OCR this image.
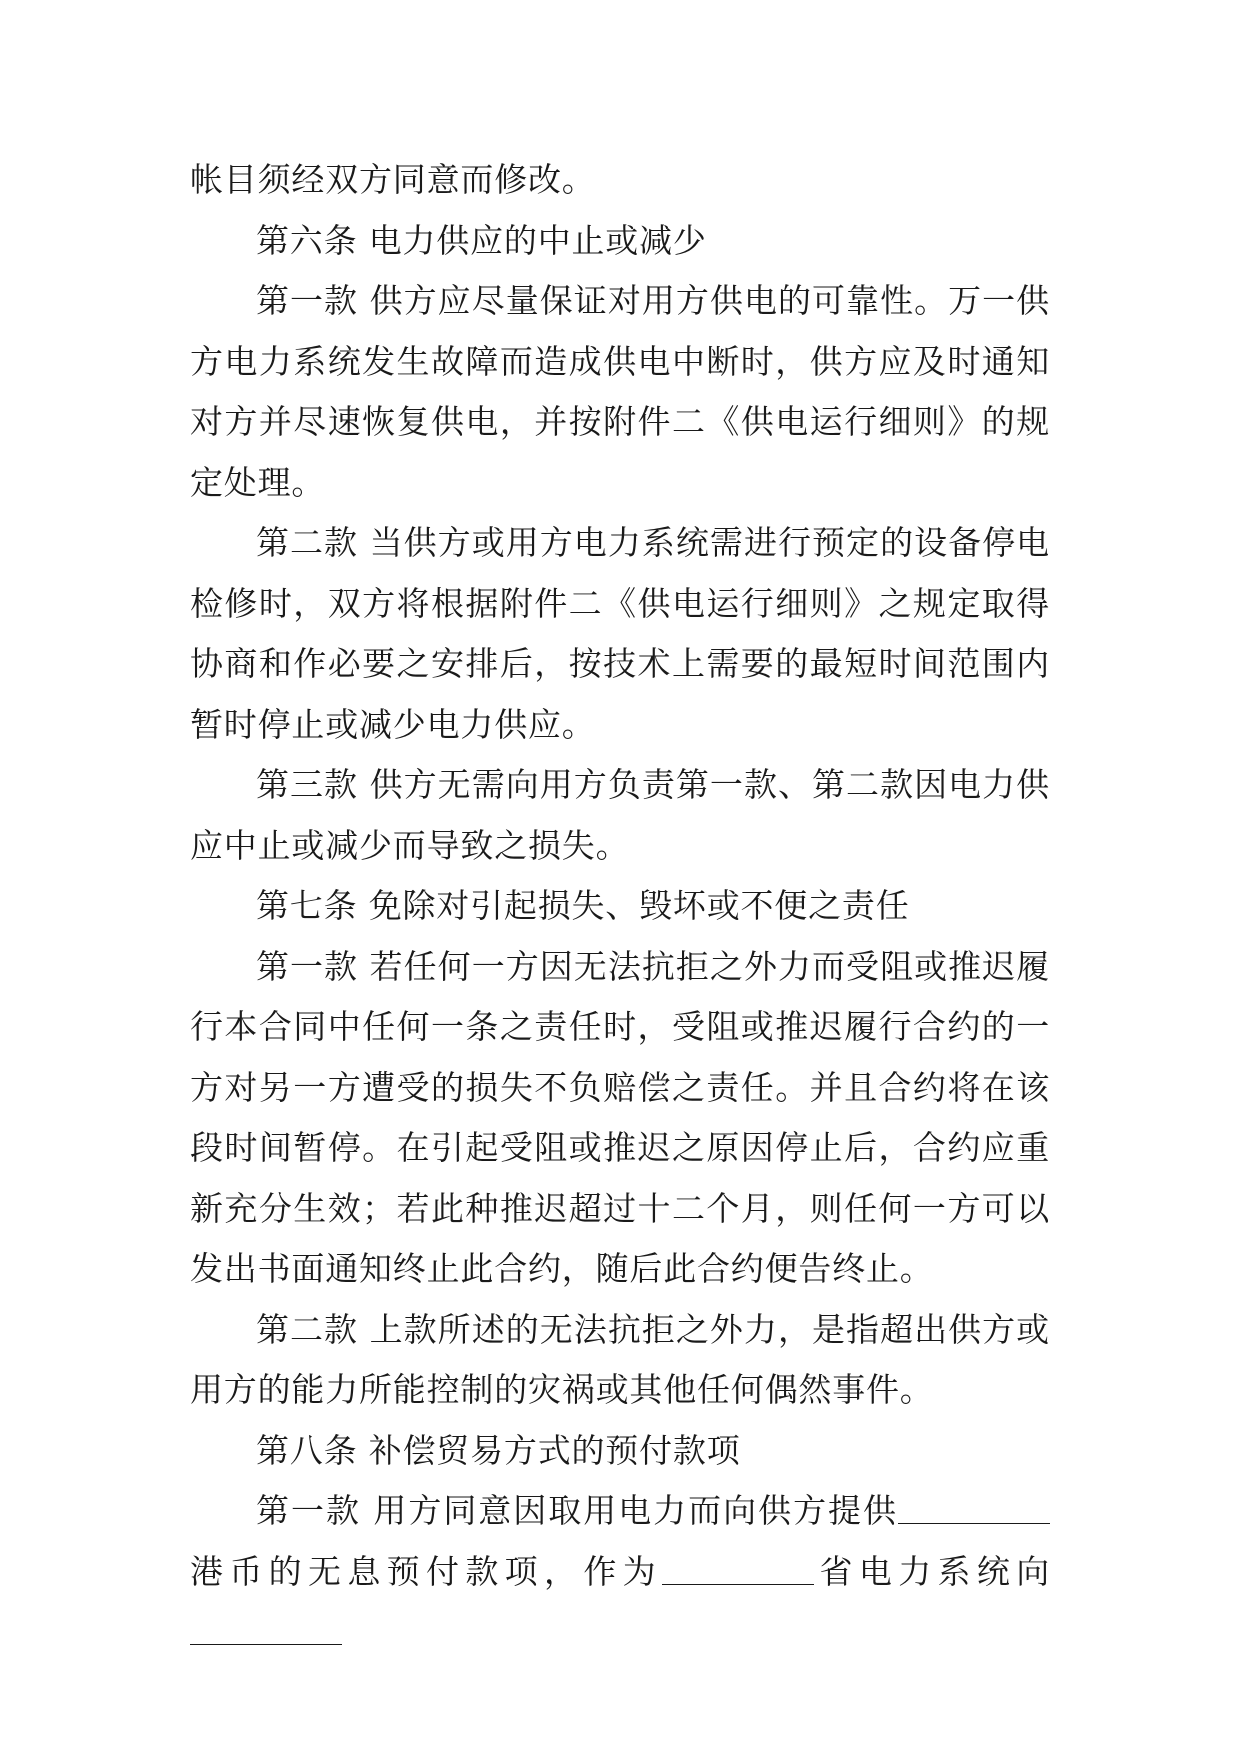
帐目须经双方同意而修改。

第六条 电力供应的中止或减少

第一款 供方应尽量保证对用方供电的可靠性。万一供方电力系统发生故障而造成供电中断时，供方应及时通知对方并尽速恢复供电，并按附件二《供电运行细则》的规定处理。

第二款 当供方或用方电力系统需进行预定的设备停电检修时，双方将根据附件二《供电运行细则》之规定取得协商和作必要之安排后，按技术上需要的最短时间范围内暂时停止或减少电力供应。

第三款 供方无需向用方负责第一款、第二款因电力供应中止或减少而导致之损失。

第七条 免除对引起损失、毁坏或不便之责任

第一款 若任何一方因无法抗拒之外力而受阻或推迟履行本合同中任何一条之责任时，受阻或推迟履行合约的一方对另一方遭受的损失不负赔偿之责任。并且合约将在该段时间暂停。在引起受阻或推迟之原因停止后，合约应重新充分生效；若此种推迟超过十二个月，则任何一方可以发出书面通知终止此合约，随后此合约便告终止。

第二款 上款所述的无法抗拒之外力，是指超出供方或用方的能力所能控制的灾祸或其他任何偶然事件。

第八条 补偿贸易方式的预付款项

第一款 用方同意因取用电力而向供方提供港币的无息预付款项，作为	省电力系统向
